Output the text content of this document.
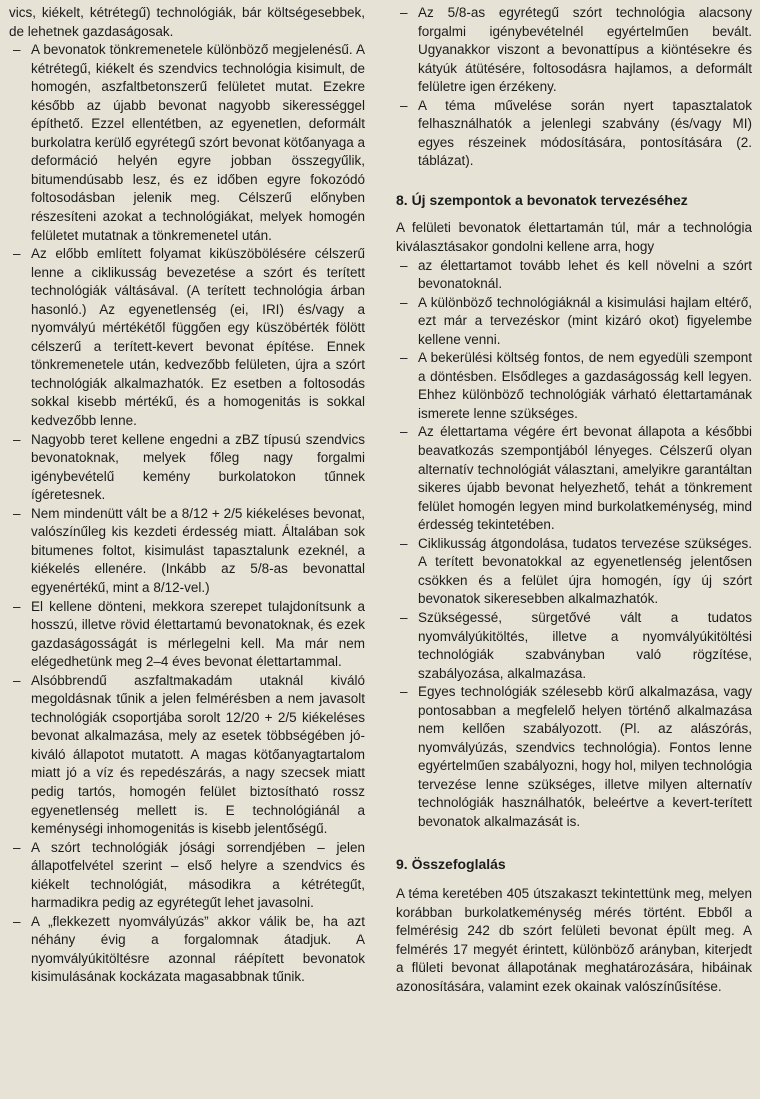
vics, kiékelt, kétrétegű) technológiák, bár költségesebbek, de lehetnek gazdaságosak.

– A bevonatok tönkremenetele különböző megjelenésű. A kétrétegű, kiékelt és szendvics technológia kisimult, de homogén, aszfaltbetonszerű felületet mutat. Ezekre később az újabb bevonat nagyobb sikerességgel építhető. Ezzel ellentétben, az egyenetlen, deformált burkolatra kerülő egyrétegű szórt bevonat kötőanyaga a deformáció helyén egyre jobban összegyűlik, bitumendúsabb lesz, és ez időben egyre fokozódó foltosodásban jelenik meg. Célszerű előnyben részesíteni azokat a technológiákat, melyek homogén felületet mutatnak a tönkremenetel után.

– Az előbb említett folyamat kiküszöbölésére célszerű lenne a ciklikusság bevezetése a szórt és terített technológiák váltásával. (A terített technológia árban hasonló.) Az egyenetlenség (ei, IRI) és/vagy a nyomvályú mértékétől függően egy küszöbérték fölött célszerű a terített-kevert bevonat építése. Ennek tönkremenetele után, kedvezőbb felületen, újra a szórt technológiák alkalmazhatók. Ez esetben a foltosodás sokkal kisebb mértékű, és a homogenitás is sokkal kedvezőbb lenne.

– Nagyobb teret kellene engedni a zBZ típusú szendvics bevonatoknak, melyek főleg nagy forgalmi igénybevételű kemény burkolatokon tűnnek ígéretesnek.

– Nem mindenütt vált be a 8/12 + 2/5 kiékeléses bevonat, valószínűleg kis kezdeti érdesség miatt. Általában sok bitumenes foltot, kisimulást tapasztalunk ezeknél, a kiékelés ellenére. (Inkább az 5/8-as bevonattal egyenértékű, mint a 8/12-vel.)

– El kellene dönteni, mekkora szerepet tulajdonítsunk a hosszú, illetve rövid élettartamú bevonatoknak, és ezek gazdaságosságát is mérlegelni kell. Ma már nem elégedhetünk meg 2–4 éves bevonat élettartammal.

– Alsóbbrendű aszfaltmakadám utaknál kiváló megoldásnak tűnik a jelen felmérésben a nem javasolt technológiák csoportjába sorolt 12/20 + 2/5 kiékeléses bevonat alkalmazása, mely az esetek többségében jó-kiváló állapotot mutatott. A magas kötőanyagtartalom miatt jó a víz és repedészárás, a nagy szecsek miatt pedig tartós, homogén felület biztosítható rossz egyenetlenség mellett is. E technológiánál a keménységi inhomogenitás is kisebb jelentőségű.

– A szórt technológiák jósági sorrendjében – jelen állapotfelvétel szerint – első helyre a szendvics és kiékelt technológiát, másodikra a kétrétegűt, harmadikra pedig az egyrétegűt lehet javasolni.

– A „flekkezett nyomvályúzás” akkor válik be, ha azt néhány évig a forgalomnak átadjuk. A nyomvályúkitöltésre azonnal ráépített bevonatok kisimulásának kockázata magasabbnak tűnik.

– Az 5/8-as egyrétegű szórt technológia alacsony forgalmi igénybevételnél egyértelműen bevált. Ugyanakkor viszont a bevonattípus a kiöntésekre és kátyúk átütésére, foltosodásra hajlamos, a deformált felületre igen érzékeny.

– A téma művelése során nyert tapasztalatok felhasználhatók a jelenlegi szabvány (és/vagy MI) egyes részeinek módosítására, pontosítására (2. táblázat).

8. Új szempontok a bevonatok tervezéséhez

A felületi bevonatok élettartamán túl, már a technológia kiválasztásakor gondolni kellene arra, hogy

– az élettartamot tovább lehet és kell növelni a szórt bevonatoknál.

– A különböző technológiáknál a kisimulási hajlam eltérő, ezt már a tervezéskor (mint kizáró okot) figyelembe kellene venni.

– A bekerülési költség fontos, de nem egyedüli szempont a döntésben. Elsődleges a gazdaságosság kell legyen. Ehhez különböző technológiák várható élettartamának ismerete lenne szükséges.

– Az élettartama végére ért bevonat állapota a későbbi beavatkozás szempontjából lényeges. Célszerű olyan alternatív technológiát választani, amelyikre garantáltan sikeres újabb bevonat helyezhető, tehát a tönkrement felület homogén legyen mind burkolatkeménység, mind érdesség tekintetében.

– Ciklikusság átgondolása, tudatos tervezése szükséges. A terített bevonatokkal az egyenetlenség jelentősen csökken és a felület újra homogén, így új szórt bevonatok sikeresebben alkalmazhatók.

– Szükségessé, sürgetővé vált a tudatos nyomvályúkitöltés, illetve a nyomvályúkitöltési technológiák szabványban való rögzítése, szabályozása, alkalmazása.

– Egyes technológiák szélesebb körű alkalmazása, vagy pontosabban a megfelelő helyen történő alkalmazása nem kellően szabályozott. (Pl. az alászórás, nyomvályúzás, szendvics technológia). Fontos lenne egyértelműen szabályozni, hogy hol, milyen technológia tervezése lenne szükséges, illetve milyen alternatív technológiák használhatók, beleértve a kevert-terített bevonatok alkalmazását is.

9. Összefoglalás

A téma keretében 405 útszakaszt tekintettünk meg, melyen korábban burkolatkeménység mérés történt. Ebből a felmérésig 242 db szórt felületi bevonat épült meg. A felmérés 17 megyét érintett, különböző arányban, kiterjedt a flületi bevonat állapotának meghatározására, hibáinak azonosítására, valamint ezek okainak valószínűsítése.
